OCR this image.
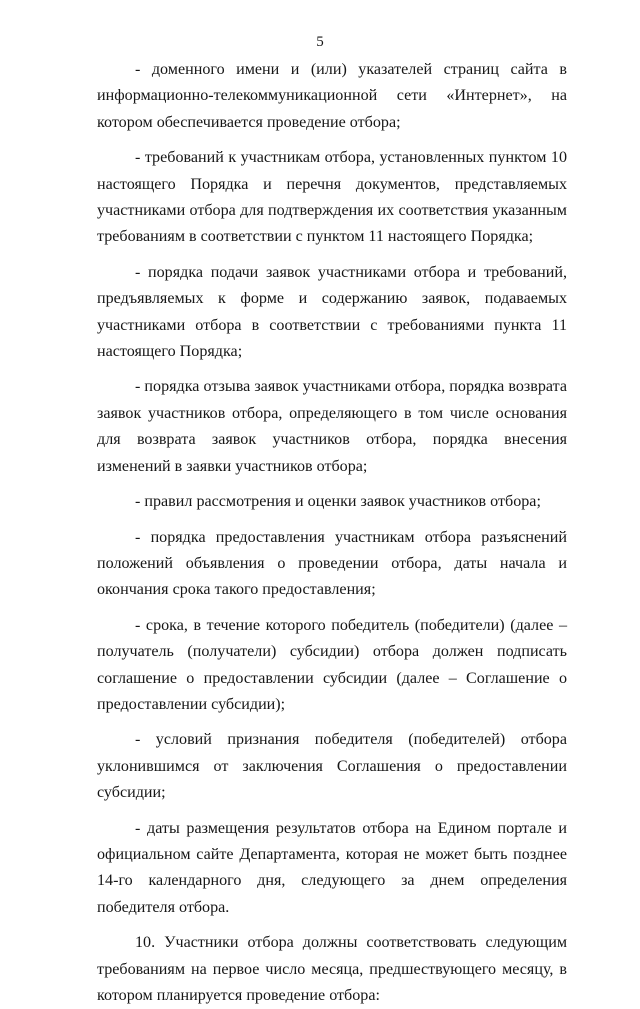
5

- доменного имени и (или) указателей страниц сайта в информационно-телекоммуникационной сети «Интернет», на котором обеспечивается проведение отбора;

- требований к участникам отбора, установленных пунктом 10 настоящего Порядка и перечня документов, представляемых участниками отбора для подтверждения их соответствия указанным требованиям в соответствии с пунктом 11 настоящего Порядка;

- порядка подачи заявок участниками отбора и требований, предъявляемых к форме и содержанию заявок, подаваемых участниками отбора в соответствии с требованиями пункта 11 настоящего Порядка;

- порядка отзыва заявок участниками отбора, порядка возврата заявок участников отбора, определяющего в том числе основания для возврата заявок участников отбора, порядка внесения изменений в заявки участников отбора;

- правил рассмотрения и оценки заявок участников отбора;

- порядка предоставления участникам отбора разъяснений положений объявления о проведении отбора, даты начала и окончания срока такого предоставления;

- срока, в течение которого победитель (победители) (далее – получатель (получатели) субсидии) отбора должен подписать соглашение о предоставлении субсидии (далее – Соглашение о предоставлении субсидии);

- условий признания победителя (победителей) отбора уклонившимся от заключения Соглашения о предоставлении субсидии;

- даты размещения результатов отбора на Едином портале и официальном сайте Департамента, которая не может быть позднее 14-го календарного дня, следующего за днем определения победителя отбора.

10. Участники отбора должны соответствовать следующим требованиям на первое число месяца, предшествующего месяцу, в котором планируется проведение отбора:
